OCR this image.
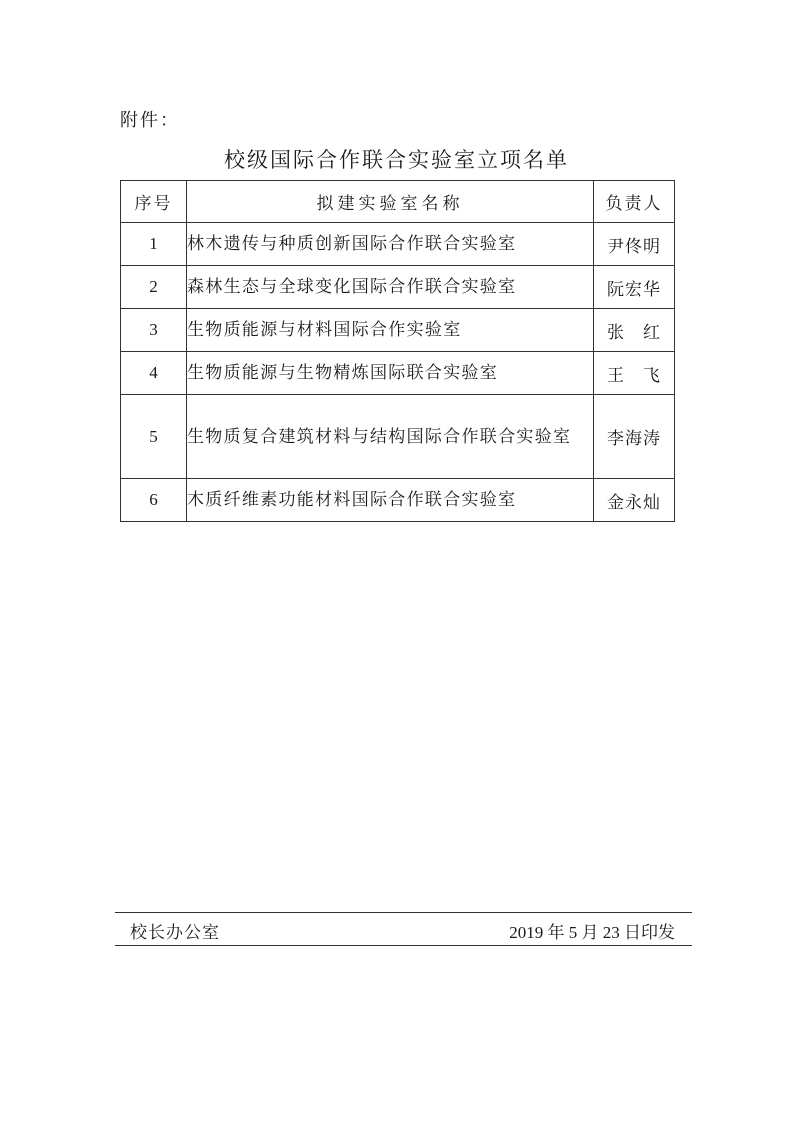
附件：
校级国际合作联合实验室立项名单
序号	拟建实验室名称	负责人
1	林木遗传与种质创新国际合作联合实验室	尹佟明
2	森林生态与全球变化国际合作联合实验室	阮宏华
3	生物质能源与材料国际合作实验室	张　红
4	生物质能源与生物精炼国际联合实验室	王　飞
5	生物质复合建筑材料与结构国际合作联合实验室	李海涛
6	木质纤维素功能材料国际合作联合实验室	金永灿
校长办公室	2019 年 5 月 23 日印发
